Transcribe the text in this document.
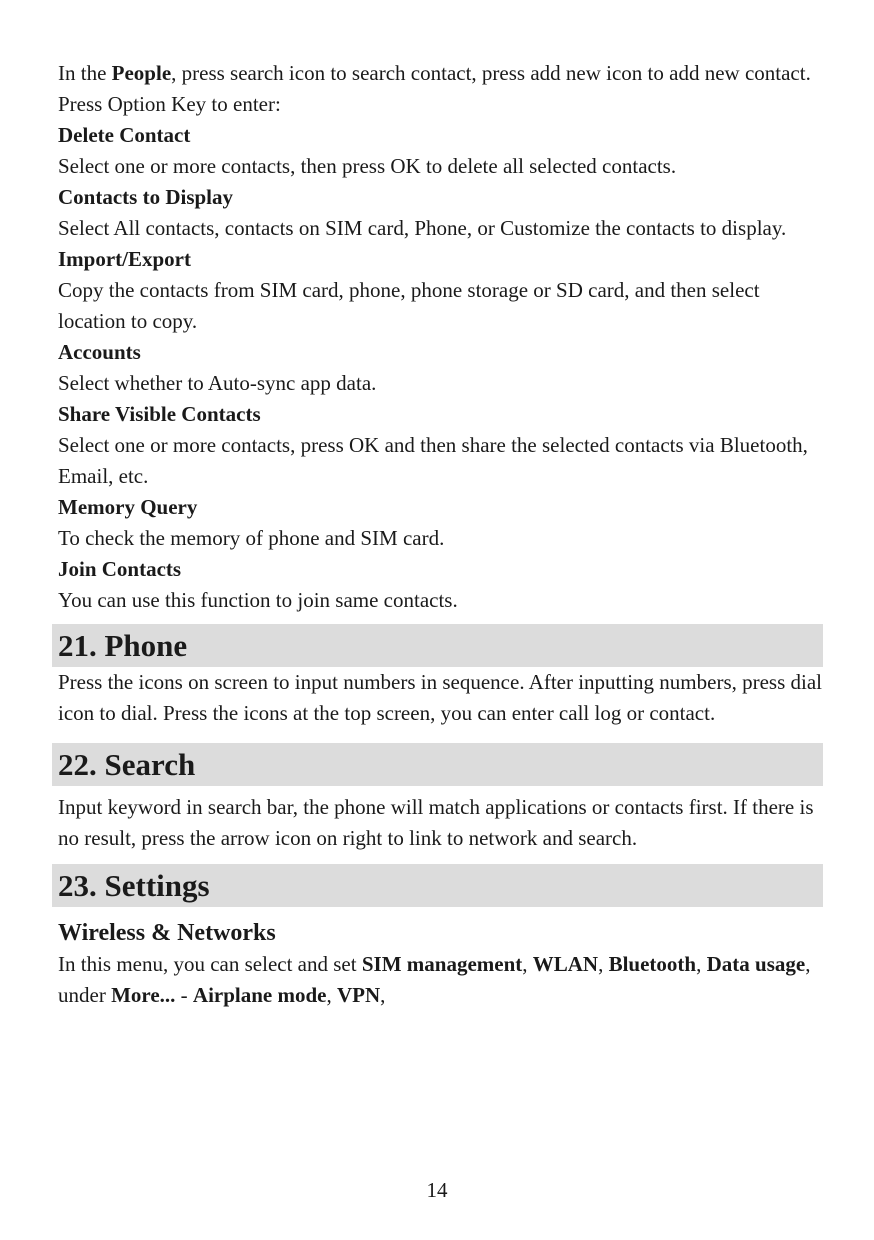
In the People, press search icon to search contact, press add new icon to add new contact. Press Option Key to enter:

Delete Contact

Select one or more contacts, then press OK to delete all selected contacts.

Contacts to Display

Select All contacts, contacts on SIM card, Phone, or Customize the contacts to display.

Import/Export

Copy the contacts from SIM card, phone, phone storage or SD card, and then select location to copy.

Accounts

Select whether to Auto-sync app data.

Share Visible Contacts

Select one or more contacts, press OK and then share the selected contacts via Bluetooth, Email, etc.

Memory Query

To check the memory of phone and SIM card.

Join Contacts

You can use this function to join same contacts.

21. Phone

Press the icons on screen to input numbers in sequence. After inputting numbers, press dial icon to dial. Press the icons at the top screen, you can enter call log or contact.

22. Search

Input keyword in search bar, the phone will match applications or contacts first. If there is no result, press the arrow icon on right to link to network and search.

23. Settings
Wireless & Networks

In this menu, you can select and set SIM management, WLAN, Bluetooth, Data usage, under More... - Airplane mode, VPN,

14
